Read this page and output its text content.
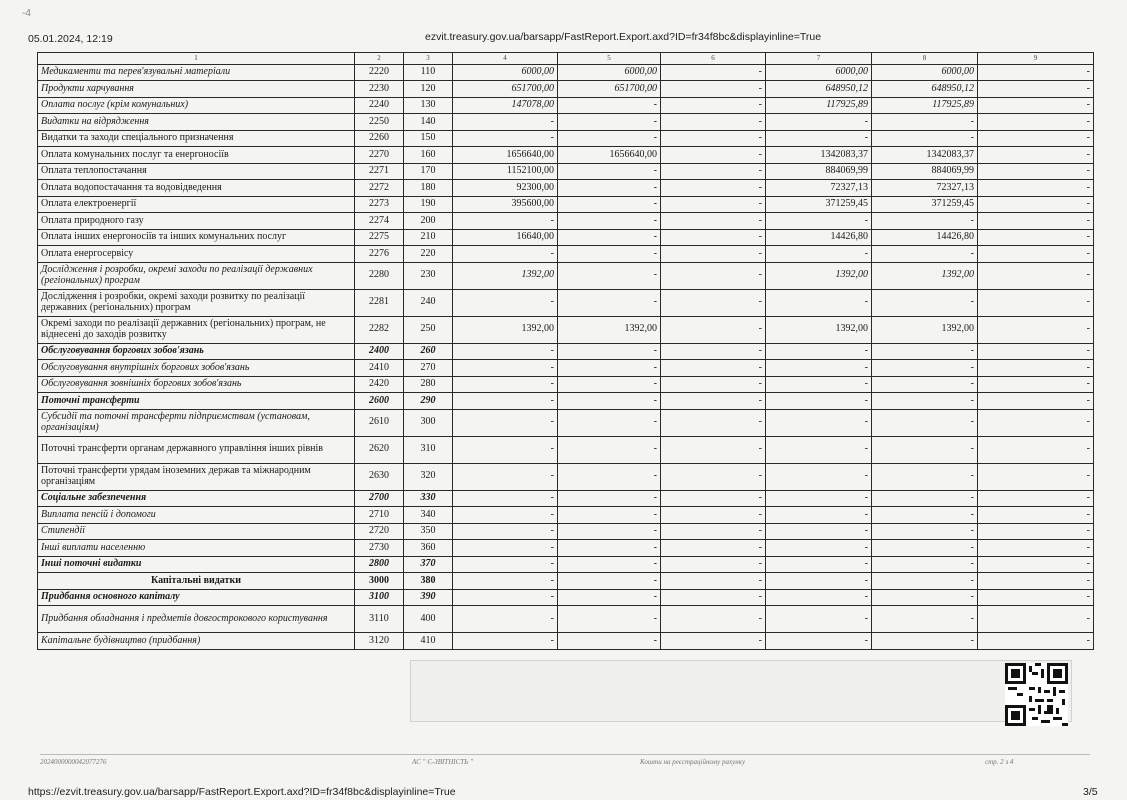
-4
05.01.2024, 12:19	ezvit.treasury.gov.ua/barsapp/FastReport.Export.axd?ID=fr34f8bc&displayinline=True
1	2	3	4	5	6	7	8	9
Медикаменти та перев'язувальні матеріали	2220	110	6000,00	6000,00	-	6000,00	6000,00	-
Продукти харчування	2230	120	651700,00	651700,00	-	648950,12	648950,12	-
Оплата послуг (крім комунальних)	2240	130	147078,00	-	-	117925,89	117925,89	-
Видатки на відрядження	2250	140	-	-	-	-	-	-
Видатки та заходи спеціального призначення	2260	150	-	-	-	-	-	-
Оплата комунальних послуг та енергоносіїв	2270	160	1656640,00	1656640,00	-	1342083,37	1342083,37	-
Оплата теплопостачання	2271	170	1152100,00	-	-	884069,99	884069,99	-
Оплата водопостачання та водовідведення	2272	180	92300,00	-	-	72327,13	72327,13	-
Оплата електроенергії	2273	190	395600,00	-	-	371259,45	371259,45	-
Оплата природного газу	2274	200	-	-	-	-	-	-
Оплата інших енергоносіїв та інших комунальних послуг	2275	210	16640,00	-	-	14426,80	14426,80	-
Оплата енергосервісу	2276	220	-	-	-	-	-	-
Дослідження і розробки, окремі заходи по реалізації державних (регіональних) програм	2280	230	1392,00	-	-	1392,00	1392,00	-
Дослідження і розробки, окремі заходи розвитку по реалізації державних (регіональних) програм	2281	240	-	-	-	-	-	-
Окремі заходи по реалізації державних (регіональних) програм, не віднесені до заходів розвитку	2282	250	1392,00	1392,00	-	1392,00	1392,00	-
Обслуговування боргових зобов'язань	2400	260	-	-	-	-	-	-
Обслуговування внутрішніх боргових зобов'язань	2410	270	-	-	-	-	-	-
Обслуговування зовнішніх боргових зобов'язань	2420	280	-	-	-	-	-	-
Поточні трансферти	2600	290	-	-	-	-	-	-
Субсидії та поточні трансферти підприємствам (установам, організаціям)	2610	300	-	-	-	-	-	-
Поточні трансферти органам державного управління інших рівнів	2620	310	-	-	-	-	-	-
Поточні трансферти урядам іноземних держав та міжнародним організаціям	2630	320	-	-	-	-	-	-
Соціальне забезпечення	2700	330	-	-	-	-	-	-
Виплата пенсій і допомоги	2710	340	-	-	-	-	-	-
Стипендії	2720	350	-	-	-	-	-	-
Інші виплати населенню	2730	360	-	-	-	-	-	-
Інші поточні видатки	2800	370	-	-	-	-	-	-
Капітальні видатки	3000	380	-	-	-	-	-	-
Придбання основного капіталу	3100	390	-	-	-	-	-	-
Придбання обладнання і предметів довгострокового користування	3110	400	-	-	-	-	-	-
Капітальне будівництво (придбання)	3120	410	-	-	-	-	-	-
2024000000042077276	АС " Є-ЗВІТНІСТЬ "	Кошти на реєстраційному рахунку	стр. 2 з 4
https://ezvit.treasury.gov.ua/barsapp/FastReport.Export.axd?ID=fr34f8bc&displayinline=True	3/5
